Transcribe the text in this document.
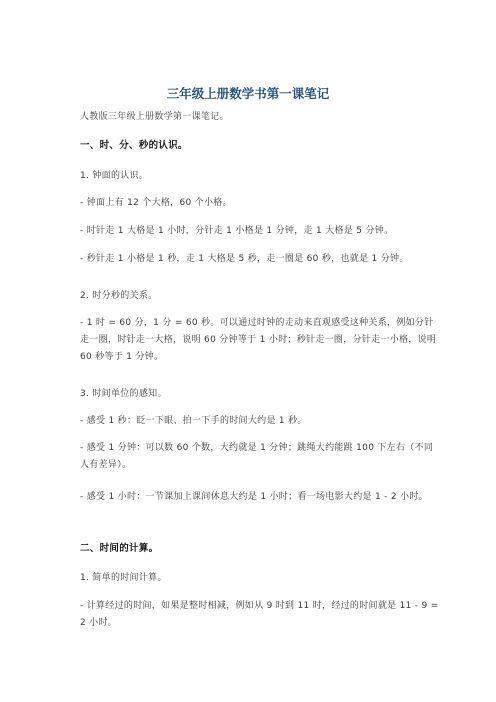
三年级上册数学书第一课笔记
人教版三年级上册数学第一课笔记。
一、时、分、秒的认识。
1. 钟面的认识。
- 钟面上有 12 个大格，60 个小格。
- 时针走 1 大格是 1 小时，分针走 1 小格是 1 分钟，走 1 大格是 5 分钟。
- 秒针走 1 小格是 1 秒，走 1 大格是 5 秒，走一圈是 60 秒，也就是 1 分钟。
2. 时分秒的关系。
- 1 时 = 60 分，1 分 = 60 秒。可以通过时钟的走动来直观感受这种关系，例如分针走一圈，时针走一大格，说明 60 分钟等于 1 小时；秒针走一圈，分针走一小格，说明 60 秒等于 1 分钟。
3. 时间单位的感知。
- 感受 1 秒：眨一下眼、拍一下手的时间大约是 1 秒。
- 感受 1 分钟：可以数 60 个数，大约就是 1 分钟；跳绳大约能跳 100 下左右（不同人有差异）。
- 感受 1 小时：一节课加上课间休息大约是 1 小时；看一场电影大约是 1 - 2 小时。
二、时间的计算。
1. 简单的时间计算。
- 计算经过的时间，如果是整时相减，例如从 9 时到 11 时，经过的时间就是 11 - 9 = 2 小时。
